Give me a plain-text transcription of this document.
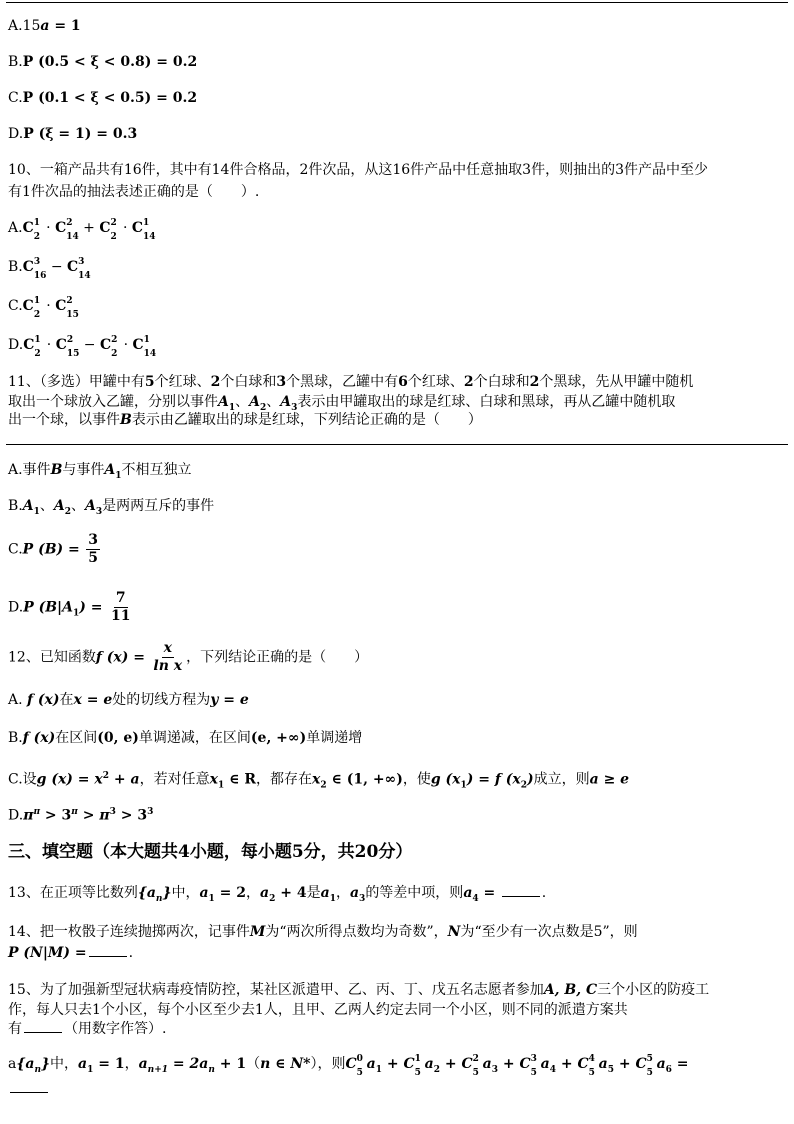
A.15a = 1
B.P (0.5 < ξ < 0.8) = 0.2
C.P (0.1 < ξ < 0.5) = 0.2
D.P (ξ = 1) = 0.3
10、一箱产品共有16件，其中有14件合格品，2件次品，从这16件产品中任意抽取3件，则抽出的3件产品中至少
有1件次品的抽法表述正确的是（　　）.
A.C 1
2
· C 2
14
+ C 2
2
· C 1
14
B.C 3
16
− C 3
14
C.C 1
2
· C 2
15
D.C 1
2
· C 2
15
− C 2
2
· C 1
14
11、（多选）甲罐中有5个红球、2个白球和3个黑球，乙罐中有6个红球、2个白球和2个黑球，先从甲罐中随机
取出一个球放入乙罐，分别以事件$A_1$、$A_2$、$A_3$表示由甲罐取出的球是红球、白球和黑球，再从乙罐中随机取
出一个球，以事件B表示由乙罐取出的球是红球，下列结论正确的是（　　）
A.事件B与事件$A_1$不相互独立
$B.A_1$、$A_2$、$A_3$是两两互斥的事件
C.P $(B) = \frac{3}{5}$
D.P $(B|A_1) = \frac{7}{11}$
12、已知函数f $(x) = \frac{x}{\text{ln x}}$ ，下列结论正确的是（　　）
A. f (x)在x = e处的切线方程为y = e
B.f (x)在区间(0, e)单调递减，在区间(e, +∞)单调递增
C.设g $(x) = x^2 + a$，若对任意$x_1$ ∈ R，都存在$x_2$ ∈ (1, +∞)，使g $(x_1) = f$ $(x_2)$成立，则a ≥ e
$D.\pi^\pi > 3^\pi > \pi^3 > 3^3$
三、填空题（本大题共4小题，每小题5分，共20分）
13、在正项等比数列$\{a_n\}$中，$a_1 = 2$，$a_2 + 4$是$a_1$，$a_3$的等差中项，则$a_4$ =	.
14、把一枚骰子连续抛掷两次，记事件M为“两次所得点数均为奇数”，N为“至少有一次点数是5”，则
P (N|M) =	.
15、为了加强新型冠状病毒疫情防控，某社区派遣甲、乙、丙、丁、戊五名志愿者参加A, B, C三个小区的防疫工
作，每人只去1个小区，每个小区至少去1人，且甲、乙两人约定去同一个小区，则不同的派遣方案共
有	（用数字作答）.
$a\{a_n\}$中，$a_1 = 1$，$a_{n+1} = 2a_n + 1(n$ ∈ N*），则C 0
5
$a_1 + C$ 1
5
$a_2 + C$ 2
5
$a_3 + C$ 3
5
$a_4 + C$ 4
5
$a_5 + C$ 5
5
$a_6$ =
